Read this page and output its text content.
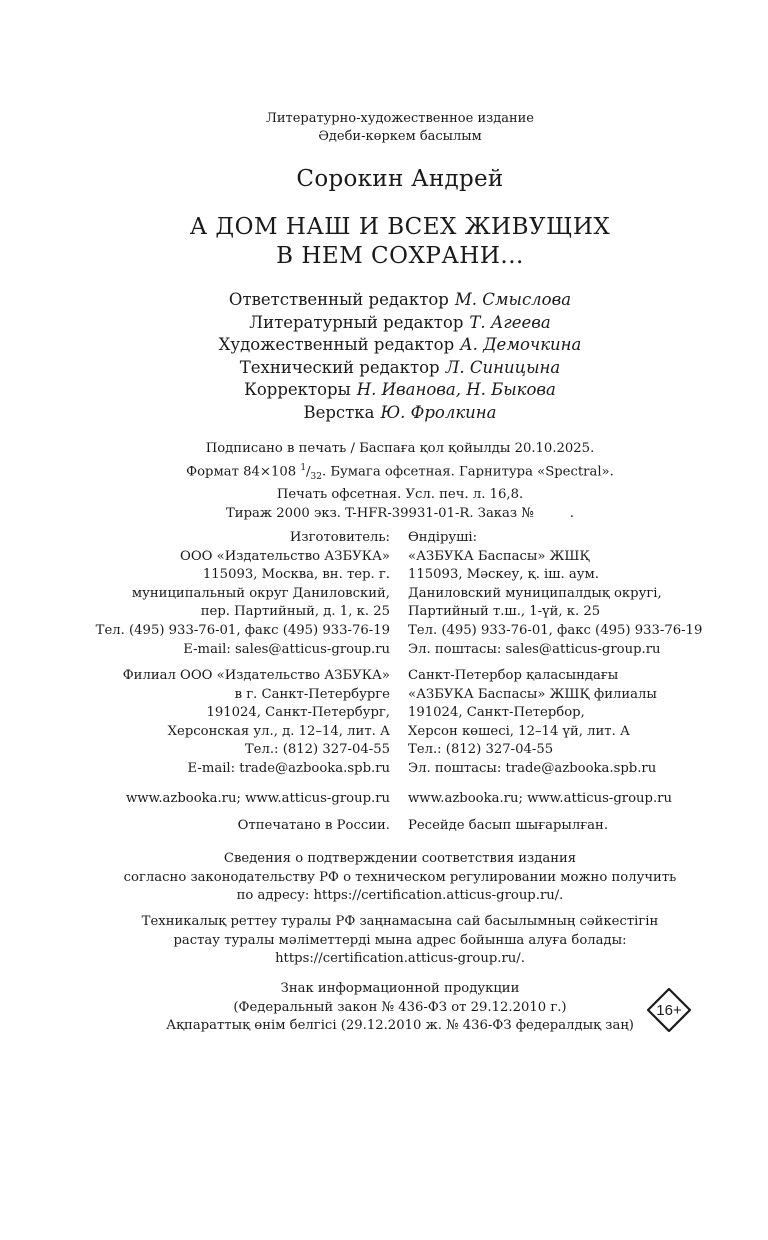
Литературно-художественное издание
Әдеби-көркем басылым
Сорокин Андрей
А ДОМ НАШ И ВСЕХ ЖИВУЩИХ
В НЕМ СОХРАНИ...
Ответственный редактор М. Смыслова
Литературный редактор Т. Агеева
Художественный редактор А. Демочкина
Технический редактор Л. Синицына
Корректоры Н. Иванова, Н. Быкова
Верстка Ю. Фролкина
Подписано в печать / Баспаға қол қойылды 20.10.2025.
Формат 84×108 $^1/_{32}$. Бумага офсетная. Гарнитура «Spectral».
Печать офсетная. Усл. печ. л. 16,8.
Тираж 2000 экз. T-HFR-39931-01-R. Заказ №	.
Изготовитель:
ООО «Издательство АЗБУКА»
115093, Москва, вн. тер. г.
муниципальный округ Даниловский,
пер. Партийный, д. 1, к. 25
Тел. (495) 933-76-01, факс (495) 933-76-19
E-mail: sales@atticus-group.ru
Өндіруші:
«АЗБУКА Баспасы» ЖШҚ
115093, Мәскеу, қ. іш. аум.
Даниловский муниципалдық округі,
Партийный т.ш., 1-үй, к. 25
Тел. (495) 933-76-01, факс (495) 933-76-19
Эл. поштасы: sales@atticus-group.ru
Филиал ООО «Издательство АЗБУКА»
в г. Санкт-Петербурге
191024, Санкт-Петербург,
Херсонская ул., д. 12–14, лит. А
Тел.: (812) 327-04-55
E-mail: trade@azbooka.spb.ru
Санкт-Петербор қаласындағы
«АЗБУКА Баспасы» ЖШҚ филиалы
191024, Санкт-Петербор,
Херсон көшесі, 12–14 үй, лит. А
Тел.: (812) 327-04-55
Эл. поштасы: trade@azbooka.spb.ru
www.azbooka.ru; www.atticus-group.ru www.azbooka.ru; www.atticus-group.ru
Отпечатано в России. Ресейде басып шығарылған.
Сведения о подтверждении соответствия издания
согласно законодательству РФ о техническом регулировании можно получить
по адресу: https://certification.atticus-group.ru/.
Техникалық реттеу туралы РФ заңнамасына сай басылымның сәйкестігін
растау туралы мәліметтерді мына адрес бойынша алуға болады:
https://certification.atticus-group.ru/.
Знак информационной продукции
(Федеральный закон № 436-ФЗ от 29.12.2010 г.)
Ақпараттық өнім белгісі (29.12.2010 ж. № 436-ФЗ федералдық заң)
16+
